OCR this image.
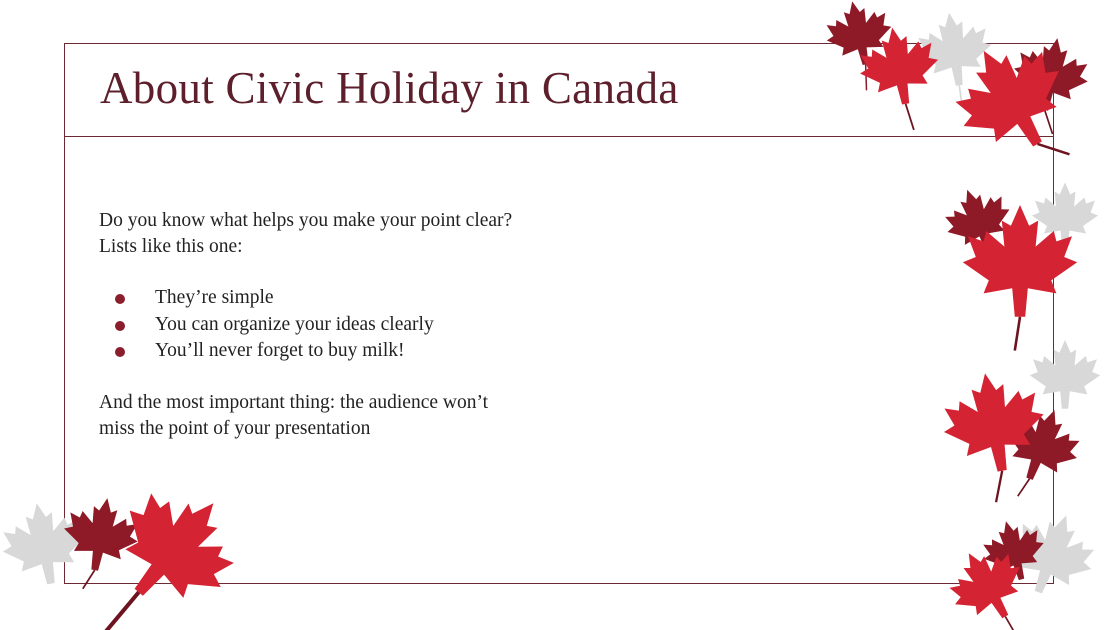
About Civic Holiday in Canada
Do you know what helps you make your point clear?
Lists like this one:
They’re simple
You can organize your ideas clearly
You’ll never forget to buy milk!
And the most important thing: the audience won’t
miss the point of your presentation
